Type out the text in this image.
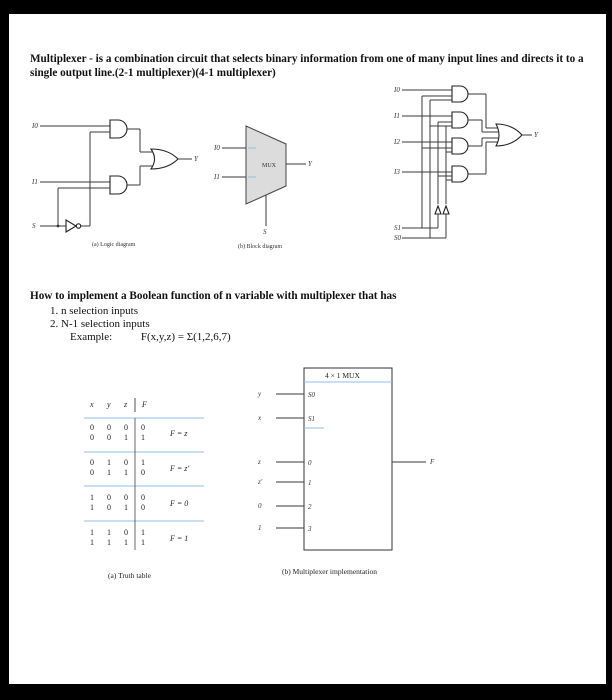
Multiplexer - is a combination circuit that selects binary information from one of many input lines and directs it to a single output line.(2-1 multiplexer)(4-1 multiplexer)
I0
I1
S
Y
(a) Logic diagram
I0
I1
MUX	Y
S
(b) Block diagram
I0
I1
I2
I3
S1
S0
Y
How to implement a Boolean function of n variable with multiplexer that has
1. n selection inputs
2. N-1 selection inputs
Example:	F(x,y,z) = Σ(1,2,6,7)
x y z F
0 0 0 0
0 0 1 1	F = z
0 1 0 1
0 1 1 0	F = z′
1 0 0 0
1 0 1 0	F = 0
1 1 0 1
1 1 1 1	F = 1
(a) Truth table
4 × 1 MUX
y	S0
x	S1
z	0
z′	1
0	2
1	3
F
(b) Multiplexer implementation
